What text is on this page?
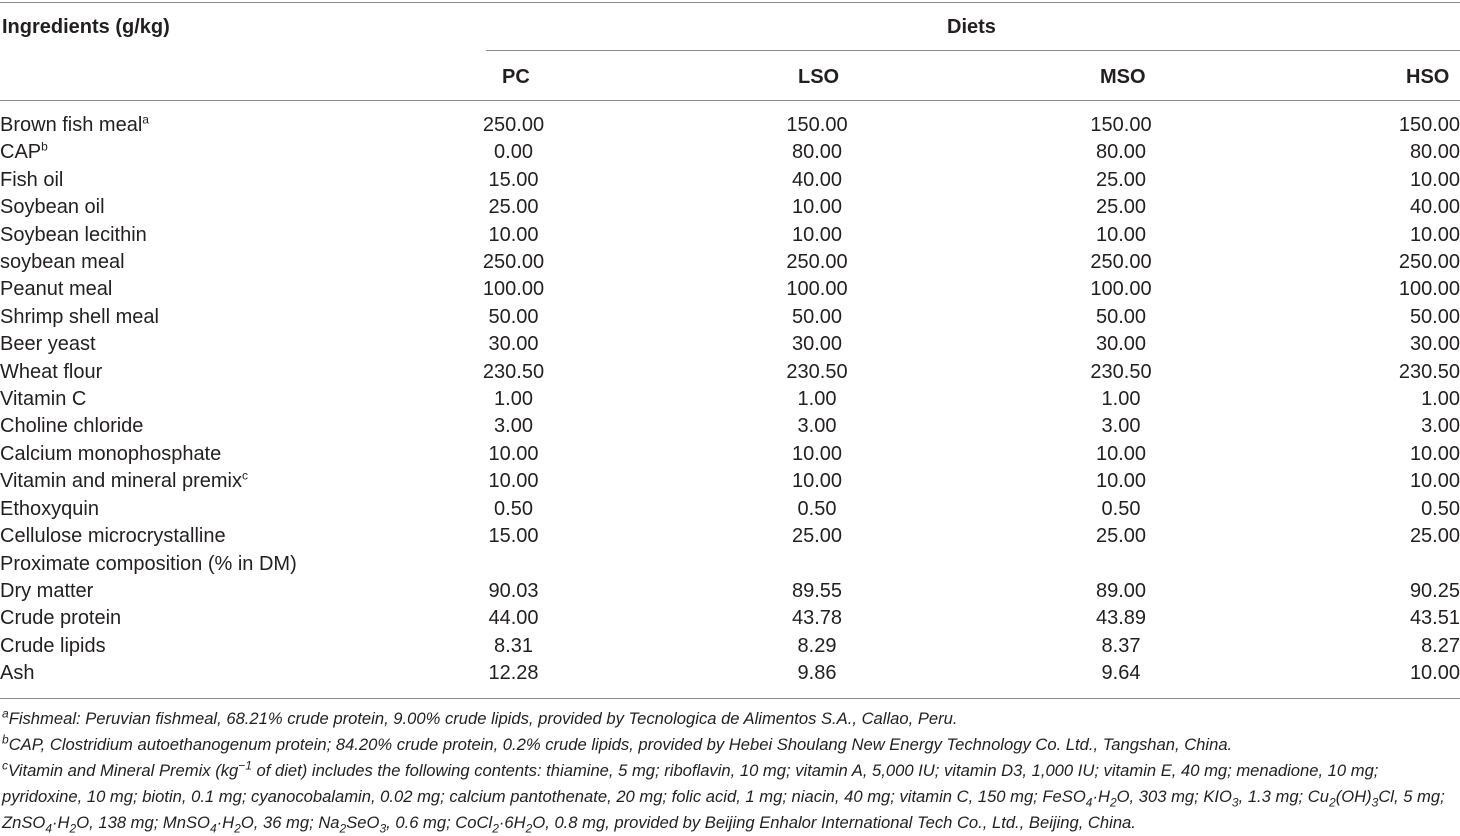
Ingredients (g/kg)	Diets
PC	LSO	MSO	HSO
Brown fish meal$^a$	250.00	150.00	150.00	150.00
CAP$^b$	0.00	80.00	80.00	80.00
Fish oil	15.00	40.00	25.00	10.00
Soybean oil	25.00	10.00	25.00	40.00
Soybean lecithin	10.00	10.00	10.00	10.00
soybean meal	250.00	250.00	250.00	250.00
Peanut meal	100.00	100.00	100.00	100.00
Shrimp shell meal	50.00	50.00	50.00	50.00
Beer yeast	30.00	30.00	30.00	30.00
Wheat flour	230.50	230.50	230.50	230.50
Vitamin C	1.00	1.00	1.00	1.00
Choline chloride	3.00	3.00	3.00	3.00
Calcium monophosphate	10.00	10.00	10.00	10.00
Vitamin and mineral premix$^c$	10.00	10.00	10.00	10.00
Ethoxyquin	0.50	0.50	0.50	0.50
Cellulose microcrystalline	15.00	25.00	25.00	25.00
Proximate composition (% in DM)				
Dry matter	90.03	89.55	89.00	90.25
Crude protein	44.00	43.78	43.89	43.51
Crude lipids	8.31	8.29	8.37	8.27
Ash	12.28	9.86	9.64	10.00

$^a$Fishmeal: Peruvian fishmeal, 68.21% crude protein, 9.00% crude lipids, provided by Tecnologica de Alimentos S.A., Callao, Peru.

$^b$CAP, Clostridium autoethanogenum protein; 84.20% crude protein, 0.2% crude lipids, provided by Hebei Shoulang New Energy Technology Co. Ltd., Tangshan, China.

$^c$Vitamin and Mineral Premix ($kg^{-1}$ of diet) includes the following contents: thiamine, 5 mg; riboflavin, 10 mg; vitamin A, 5,000 IU; vitamin D3, 1,000 IU; vitamin E, 40 mg; menadione, 10 mg; pyridoxine, 10 mg; biotin, 0.1 mg; cyanocobalamin, 0.02 mg; calcium pantothenate, 20 mg; folic acid, 1 mg; niacin, 40 mg; vitamin C, 150 mg; $FeSO_4\cdot H_2O$, 303 mg; $KIO_3$, 1.3 mg; $Cu_2(OH)_3Cl$, 5 mg; $ZnSO_4\cdot H_2O$, 138 mg; $MnSO_4\cdot H_2O$, 36 mg; $Na_2SeO_3$, 0.6 mg; $CoCl_2\cdot 6H_2O$, 0.8 mg, provided by Beijing Enhalor International Tech Co., Ltd., Beijing, China.
